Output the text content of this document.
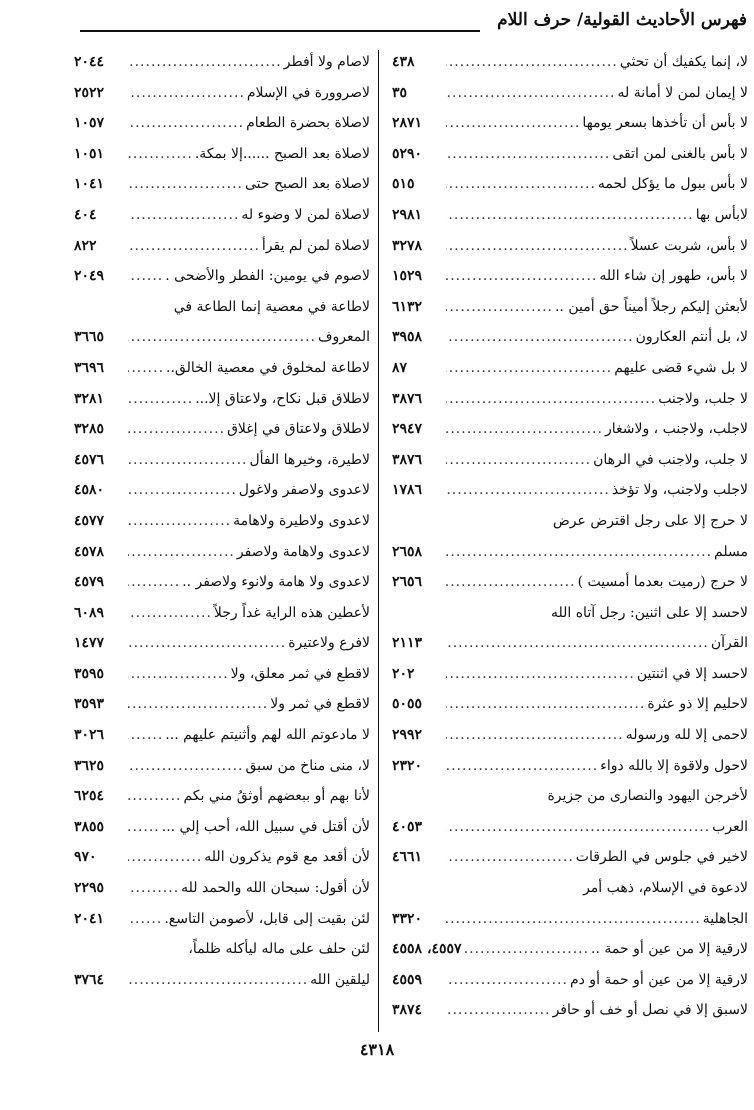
فهرس الأحاديث القولية/ حرف اللام
لا، إنما يكفيك أن تحثي
.....
٤٣٨
لا إيمان لمن لا أمانة له
.....
٣٥
لا بأس أن تأخذها بسعر يومها
.....
٢٨٧١
لا بأس بالغنى لمن اتقى
.....
٥٢٩٠
لا بأس ببول ما يؤكل لحمه
.....
٥١٥
لابأس بها
.....
٢٩٨١
لا بأس، شربت عسلاً
.....
٣٢٧٨
لا بأس، طهور إن شاء الله
.....
١٥٢٩
لأبعثن إليكم رجلاً أميناً حق أمين ..
.....
٦١٣٢
لا، بل أنتم العكارون
.....
٣٩٥٨
لا بل شيء قضى عليهم
.....
٨٧
لا جلب، ولاجنب
.....
٣٨٧٦
لاجلب، ولاجنب ، ولاشغار
.....
٢٩٤٧
لا جلب، ولاجنب في الرهان
.....
٣٨٧٦
لاجلب ولاجنب، ولا تؤخذ
.....
١٧٨٦
لا حرج إلا على رجل اقترض عرض
مسلم
.....
٢٦٥٨
لا حرج (رميت بعدما أمسيت )
.....
٢٦٥٦
لاحسد إلا على اثنين: رجل آتاه الله
القرآن
.....
٢١١٣
لاحسد إلا في اثنتين
.....
٢٠٢
لاحليم إلا ذو عثرة
.....
٥٠٥٥
لاحمى إلا لله ورسوله
.....
٢٩٩٢
لاحول ولاقوة إلا بالله دواء
.....
٢٣٢٠
لأخرجن اليهود والنصارى من جزيرة
العرب
.....
٤٠٥٣
لاخير في جلوس في الطرقات
.....
٤٦٦١
لادعوة في الإسلام، ذهب أمر
الجاهلية
.....
٣٣٢٠
لارقية إلا من عين أو حمة ..
.....
٤٥٥٧، ٤٥٥٨
لارقية إلا من عين أو حمة أو دم
.....
٤٥٥٩
لاسبق إلا في نصل أو خف أو حافر
.....
٣٨٧٤
لاصام ولا أفطر
.....
٢٠٤٤
لاصروورة في الإسلام
.....
٢٥٢٢
لاصلاة بحضرة الطعام
.....
١٠٥٧
لاصلاة بعد الصبح ......إلا بمكة.
.....
١٠٥١
لاصلاة بعد الصبح حتى
.....
١٠٤١
لاصلاة لمن لا وضوء له
.....
٤٠٤
لاصلاة لمن لم يقرأ
.....
٨٢٢
لاصوم في يومين: الفطر والأضحى .
.....
٢٠٤٩
لاطاعة في معصية إنما الطاعة في
المعروف
.....
٣٦٦٥
لاطاعة لمخلوق في معصية الخالق..
.....
٣٦٩٦
لاطلاق قبل نكاح، ولاعتاق إلا...
.....
٣٢٨١
لاطلاق ولاعتاق في إغلاق
.....
٣٢٨٥
لاطيرة، وخيرها الفأل
.....
٤٥٧٦
لاعدوى ولاصفر ولاغول
.....
٤٥٨٠
لاعدوى ولاطيرة ولاهامة
.....
٤٥٧٧
لاعدوى ولاهامة ولاصفر
.....
٤٥٧٨
لاعدوى ولا هامة ولانوء ولاصفر ..
.....
٤٥٧٩
لأعطين هذه الراية غداً رجلاً
.....
٦٠٨٩
لافرع ولاعتيرة
.....
١٤٧٧
لاقطع في ثمر معلق، ولا
.....
٣٥٩٥
لاقطع في ثمر ولا
.....
٣٥٩٣
لا مادعوتم الله لهم وأثنيتم عليهم ...
.....
٣٠٢٦
لا، منى مناخ من سبق
.....
٣٦٢٥
لأنا بهم أو ببعضهم أوثقُ مني بكم
.....
٦٢٥٤
لأن أقتل في سبيل الله، أحب إلي ...
.....
٣٨٥٥
لأن أقعد مع قوم يذكرون الله
.....
٩٧٠
لأن أقول: سبحان الله والحمد لله
.....
٢٢٩٥
لئن بقيت إلى قابل، لأصومن التاسع.
.....
٢٠٤١
لئن حلف على ماله ليأكله ظلماً،
ليلقين الله
.....
٣٧٦٤
٤٣١٨
